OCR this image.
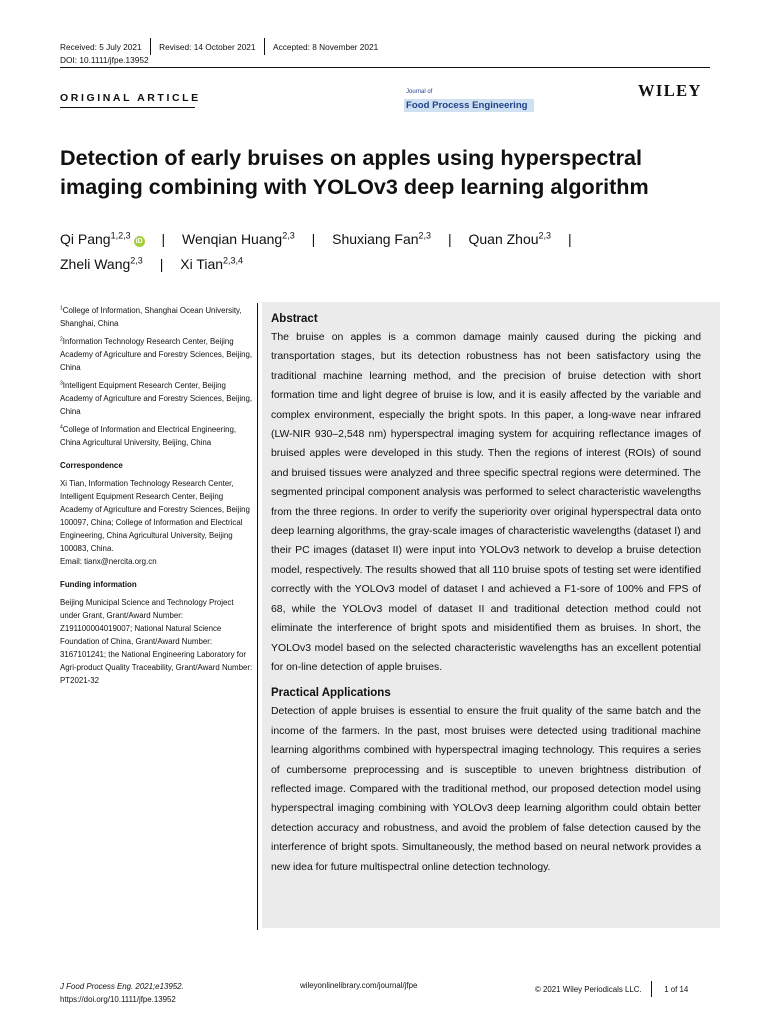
Received: 5 July 2021 Revised: 14 October 2021 Accepted: 8 November 2021
DOI: 10.1111/jfpe.13952
ORIGINAL ARTICLE	Journal of
Food Process Engineering
WILEY
Detection of early bruises on apples using hyperspectral imaging combining with YOLOv3 deep learning algorithm
Qi Pang$^{1,2,3}$iD | Wenqian Huang$^{2,3}$ | Shuxiang Fan$^{2,3}$ | Quan Zhou$^{2,3}$ |
Zheli Wang$^{2,3}$ | Xi Tian$^{2,3,4}$

$^1$College of Information, Shanghai Ocean University, Shanghai, China

$^2$Information Technology Research Center, Beijing Academy of Agriculture and Forestry Sciences, Beijing, China

$^3$Intelligent Equipment Research Center, Beijing Academy of Agriculture and Forestry Sciences, Beijing, China

$^4$College of Information and Electrical Engineering, China Agricultural University, Beijing, China

Correspondence

Xi Tian, Information Technology Research Center, Intelligent Equipment Research Center, Beijing Academy of Agriculture and Forestry Sciences, Beijing 100097, China; College of Information and Electrical Engineering, China Agricultural University, Beijing 100083, China.

Email: tianx@nercita.org.cn

Funding information

Beijing Municipal Science and Technology Project under Grant, Grant/Award Number: Z191100004019007; National Natural Science Foundation of China, Grant/Award Number: 3167101241; the National Engineering Laboratory for Agri-product Quality Traceability, Grant/Award Number: PT2021-32

Abstract

The bruise on apples is a common damage mainly caused during the picking and transportation stages, but its detection robustness has not been satisfactory using the traditional machine learning method, and the precision of bruise detection with short formation time and light degree of bruise is low, and it is easily affected by the variable and complex environment, especially the bright spots. In this paper, a long-wave near infrared (LW-NIR 930–2,548 nm) hyperspectral imaging system for acquiring reflectance images of bruised apples were developed in this study. Then the regions of interest (ROIs) of sound and bruised tissues were analyzed and three specific spectral regions were determined. The segmented principal component analysis was performed to select characteristic wavelengths from the three regions. In order to verify the superiority over original hyperspectral data onto deep learning algorithms, the gray-scale images of characteristic wavelengths (dataset I) and their PC images (dataset II) were input into YOLOv3 network to develop a bruise detection model, respectively. The results showed that all 110 bruise spots of testing set were identified correctly with the YOLOv3 model of dataset I and achieved a F1-sore of 100% and FPS of 68, while the YOLOv3 model of dataset II and traditional detection method could not eliminate the interference of bright spots and misidentified them as bruises. In short, the YOLOv3 model based on the selected characteristic wavelengths has an excellent potential for on-line detection of apple bruises.

Practical Applications

Detection of apple bruises is essential to ensure the fruit quality of the same batch and the income of the farmers. In the past, most bruises were detected using traditional machine learning algorithms combined with hyperspectral imaging technology. This requires a series of cumbersome preprocessing and is susceptible to uneven brightness distribution of reflected image. Compared with the traditional method, our proposed detection model using hyperspectral imaging combining with YOLOv3 deep learning algorithm could obtain better detection accuracy and robustness, and avoid the problem of false detection caused by the interference of bright spots. Simultaneously, the method based on neural network provides a new idea for future multispectral online detection technology.

J Food Process Eng. 2021;e13952.
https://doi.org/10.1111/jfpe.13952
wileyonlinelibrary.com/journal/jfpe	© 2021 Wiley Periodicals LLC.	1 of 14
